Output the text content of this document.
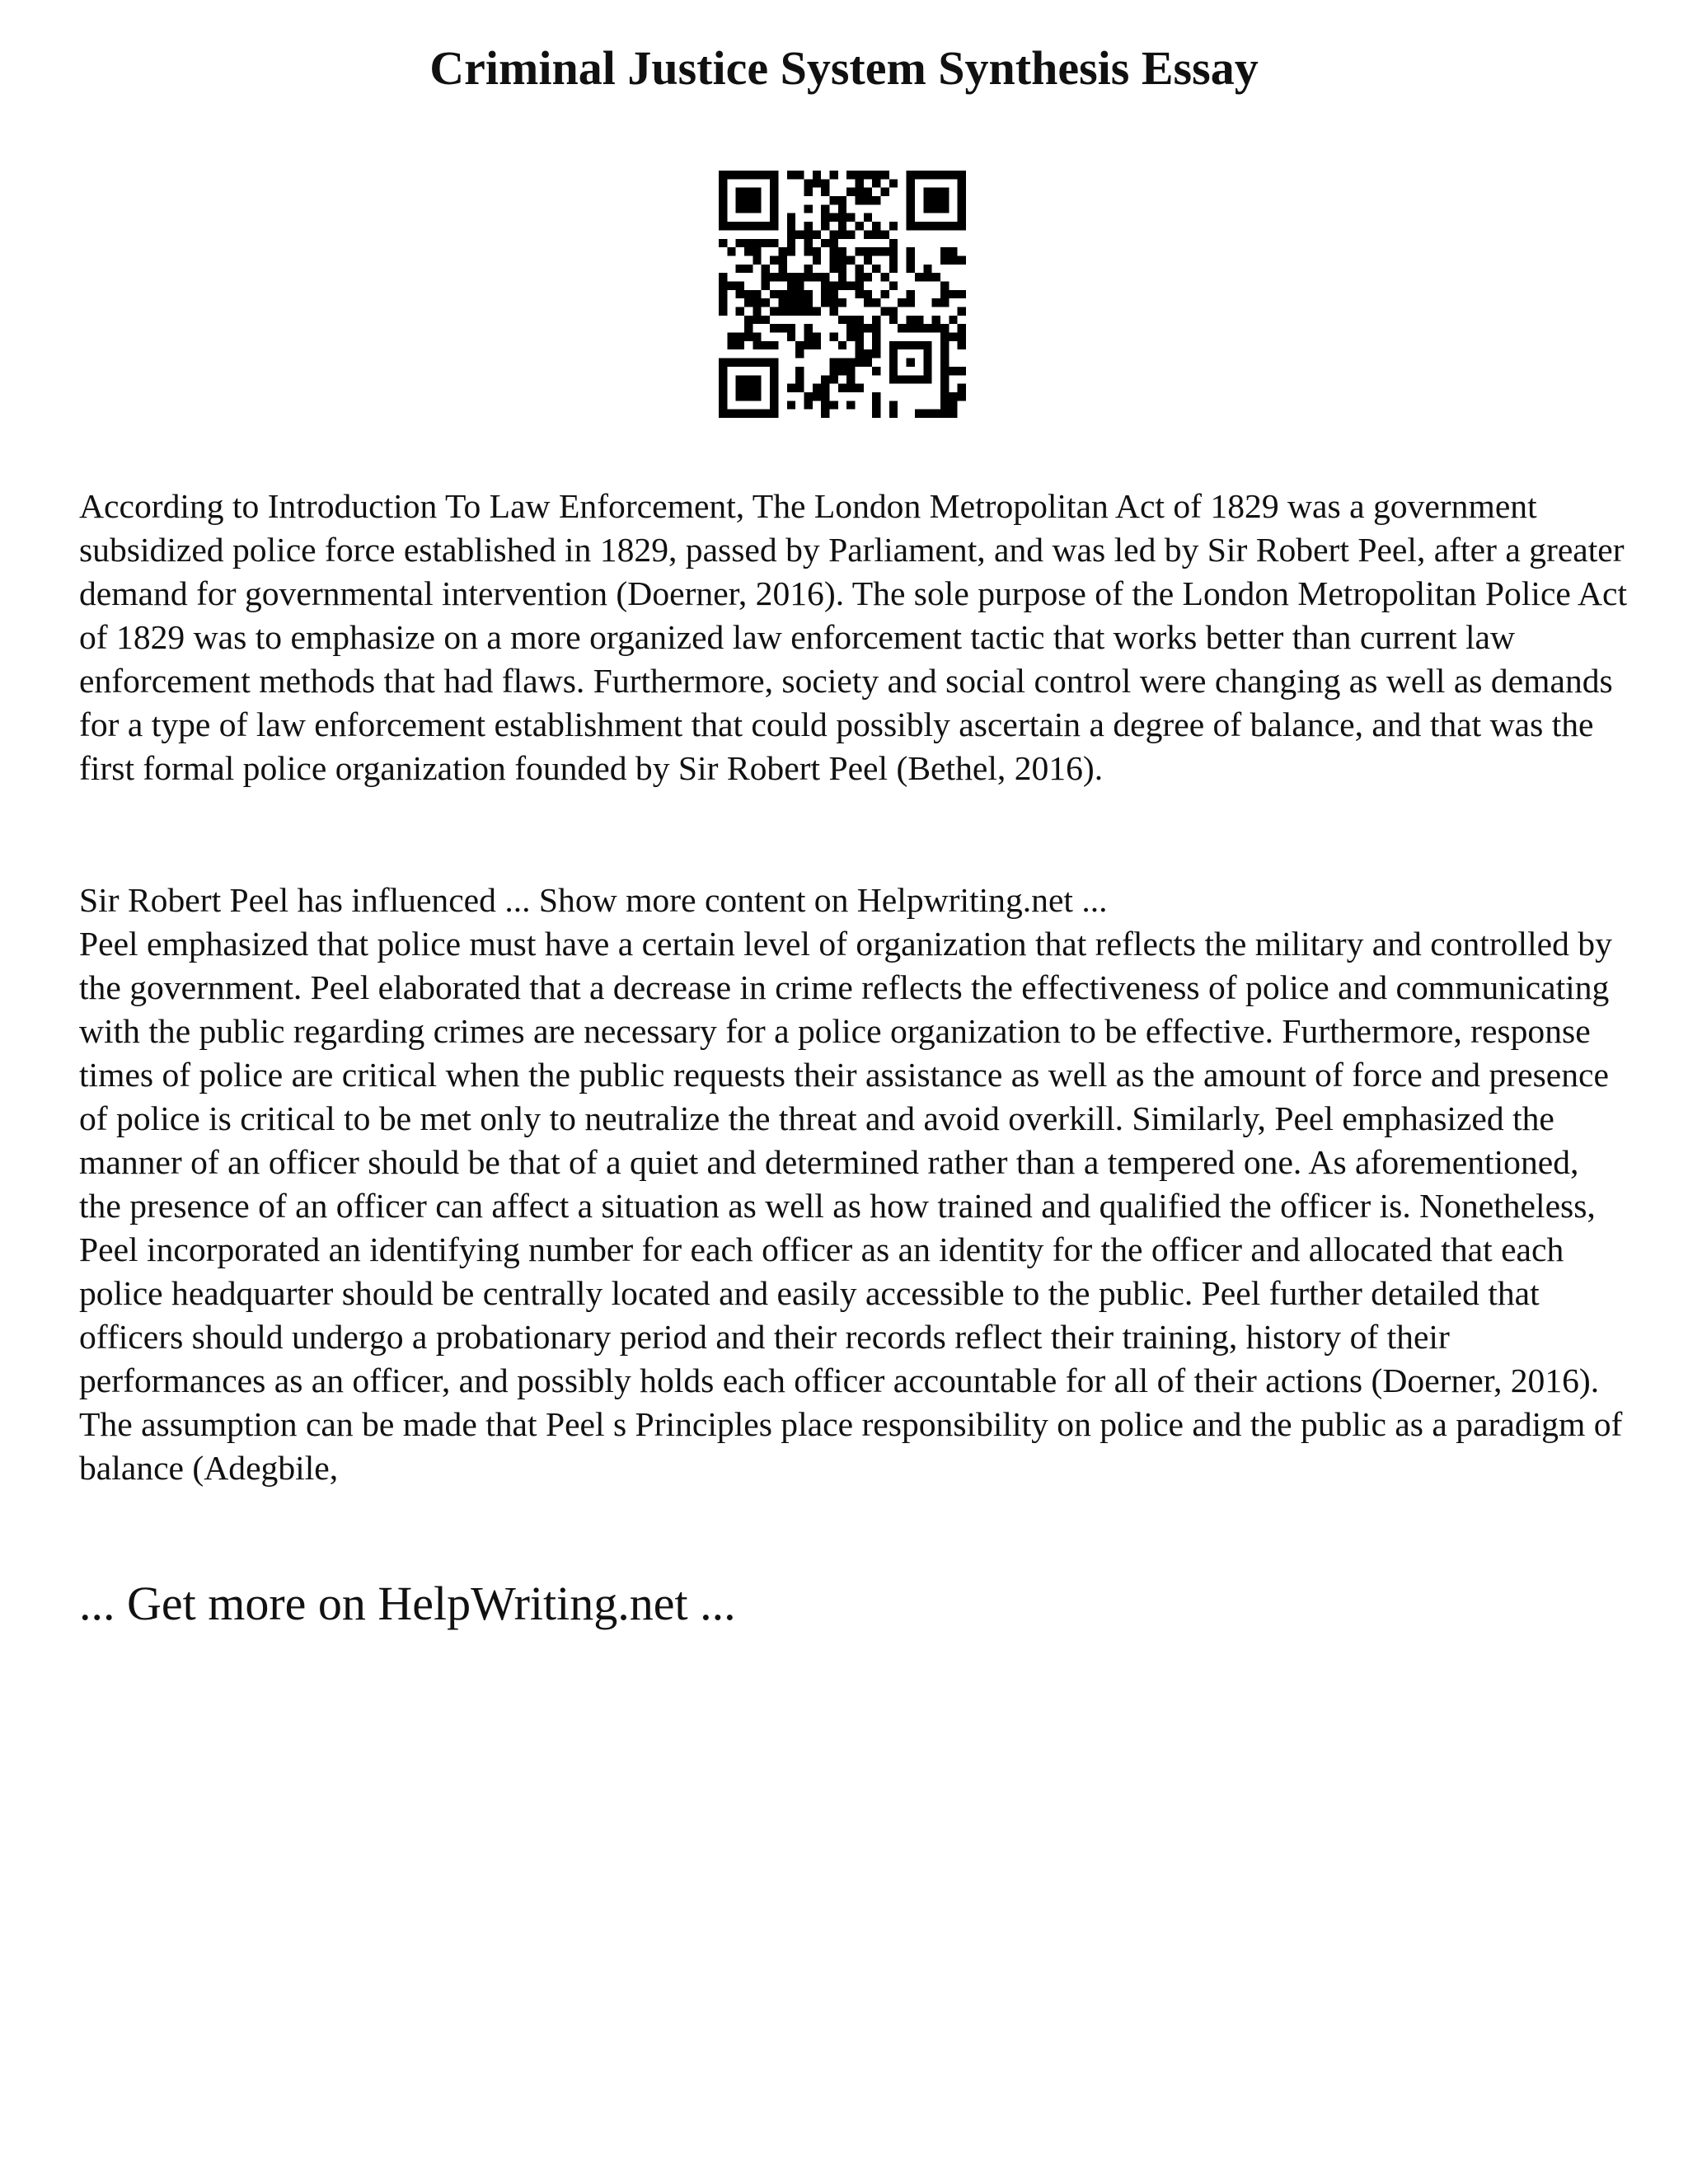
Criminal Justice System Synthesis Essay

According to Introduction To Law Enforcement, The London Metropolitan Act of 1829 was a government subsidized police force established in 1829, passed by Parliament, and was led by Sir Robert Peel, after a greater demand for governmental intervention (Doerner, 2016). The sole purpose of the London Metropolitan Police Act of 1829 was to emphasize on a more organized law enforcement tactic that works better than current law enforcement methods that had flaws. Furthermore, society and social control were changing as well as demands for a type of law enforcement establishment that could possibly ascertain a degree of balance, and that was the first formal police organization founded by Sir Robert Peel (Bethel, 2016).

Sir Robert Peel has influenced ... Show more content on Helpwriting.net ...

Peel emphasized that police must have a certain level of organization that reflects the military and controlled by the government. Peel elaborated that a decrease in crime reflects the effectiveness of police and communicating with the public regarding crimes are necessary for a police organization to be effective. Furthermore, response times of police are critical when the public requests their assistance as well as the amount of force and presence of police is critical to be met only to neutralize the threat and avoid overkill. Similarly, Peel emphasized the manner of an officer should be that of a quiet and determined rather than a tempered one. As aforementioned, the presence of an officer can affect a situation as well as how trained and qualified the officer is. Nonetheless, Peel incorporated an identifying number for each officer as an identity for the officer and allocated that each police headquarter should be centrally located and easily accessible to the public. Peel further detailed that officers should undergo a probationary period and their records reflect their training, history of their performances as an officer, and possibly holds each officer accountable for all of their actions (Doerner, 2016). The assumption can be made that Peel s Principles place responsibility on police and the public as a paradigm of balance (Adegbile,

... Get more on HelpWriting.net ...
